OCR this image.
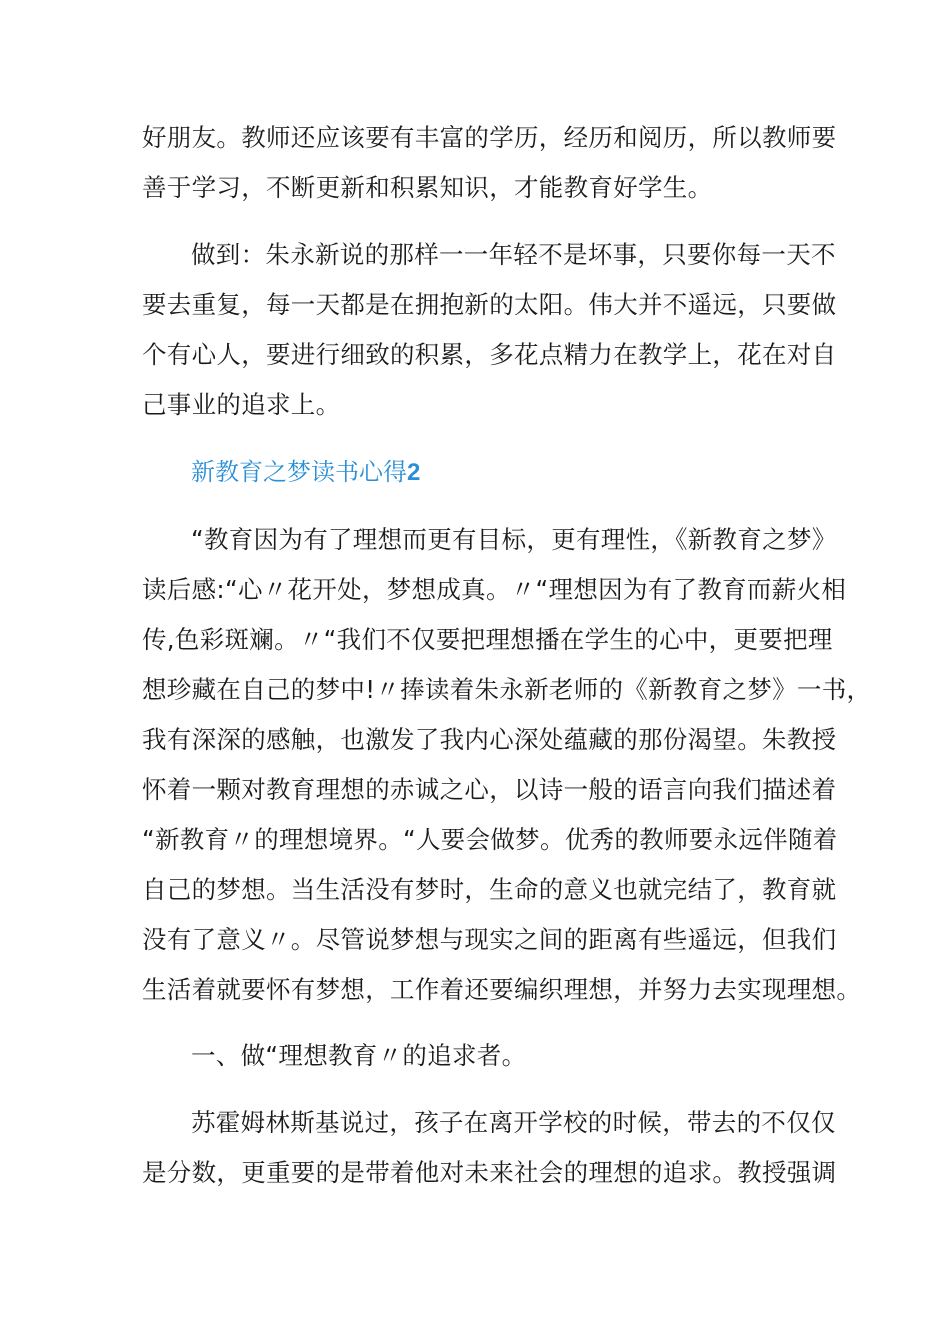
好朋友。教师还应该要有丰富的学历，经历和阅历，所以教师要
善于学习，不断更新和积累知识，才能教育好学生。
做到：朱永新说的那样一一年轻不是坏事，只要你每一天不
要去重复，每一天都是在拥抱新的太阳。伟大并不遥远，只要做
个有心人，要进行细致的积累，多花点精力在教学上，花在对自
己事业的追求上。
新教育之梦读书心得2
“教育因为有了理想而更有目标，更有理性，《新教育之梦》
读后感:“心〃花开处，梦想成真。〃“理想因为有了教育而薪火相
传,色彩斑斓。〃“我们不仅要把理想播在学生的心中，更要把理
想珍藏在自己的梦中!〃捧读着朱永新老师的《新教育之梦》一书，
我有深深的感触，也激发了我内心深处蕴藏的那份渴望。朱教授
怀着一颗对教育理想的赤诚之心，以诗一般的语言向我们描述着
“新教育〃的理想境界。“人要会做梦。优秀的教师要永远伴随着
自己的梦想。当生活没有梦时，生命的意义也就完结了，教育就
没有了意义〃。尽管说梦想与现实之间的距离有些遥远，但我们
生活着就要怀有梦想，工作着还要编织理想，并努力去实现理想。
一、做“理想教育〃的追求者。
苏霍姆林斯基说过，孩子在离开学校的时候，带去的不仅仅
是分数，更重要的是带着他对未来社会的理想的追求。教授强调
